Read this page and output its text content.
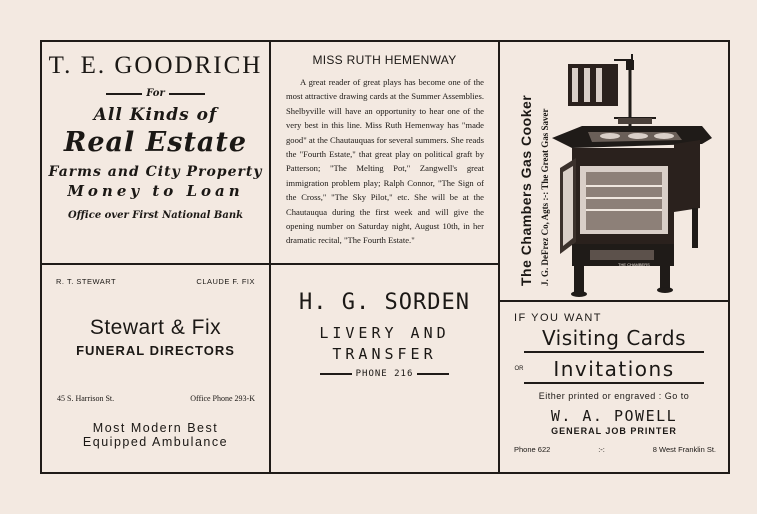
T. E. GOODRICH
For
All Kinds of
Real Estate
Farms and City Property
Money to Loan
Office over First National Bank
MISS RUTH HEMENWAY
A great reader of great plays has become one of the most attractive drawing cards at the Summer Assemblies. Shelbyville will have an opportunity to hear one of the very best in this line. Miss Ruth Hemenway has "made good" at the Chautauquas for several summers. She reads the "Fourth Estate," that great play on political graft by Patterson; "The Melting Pot," Zangwell's great immigration problem play; Ralph Connor, "The Sign of the Cross," "The Sky Pilot," etc. She will be at the Chautauqua during the first week and will give the opening number on Saturday night, August 10th, in her dramatic recital, "The Fourth Estate."	The Chambers Gas Cooker J. G. DeFrez Co, Agts :-: The Great Gas Saver	THE CHAMBERS
R. T. STEWART	CLAUDE F. FIX
Stewart & Fix
FUNERAL DIRECTORS
45 S. Harrison St.	Office Phone 293-K
Most Modern Best
Equipped Ambulance
H. G. SORDEN
LIVERY AND
TRANSFER
PHONE 216
IF YOU WANT
Visiting Cards
OR	Invitations
Either printed or engraved : Go to
W. A. POWELL
GENERAL JOB PRINTER
Phone 622	:-:	8 West Franklin St.
